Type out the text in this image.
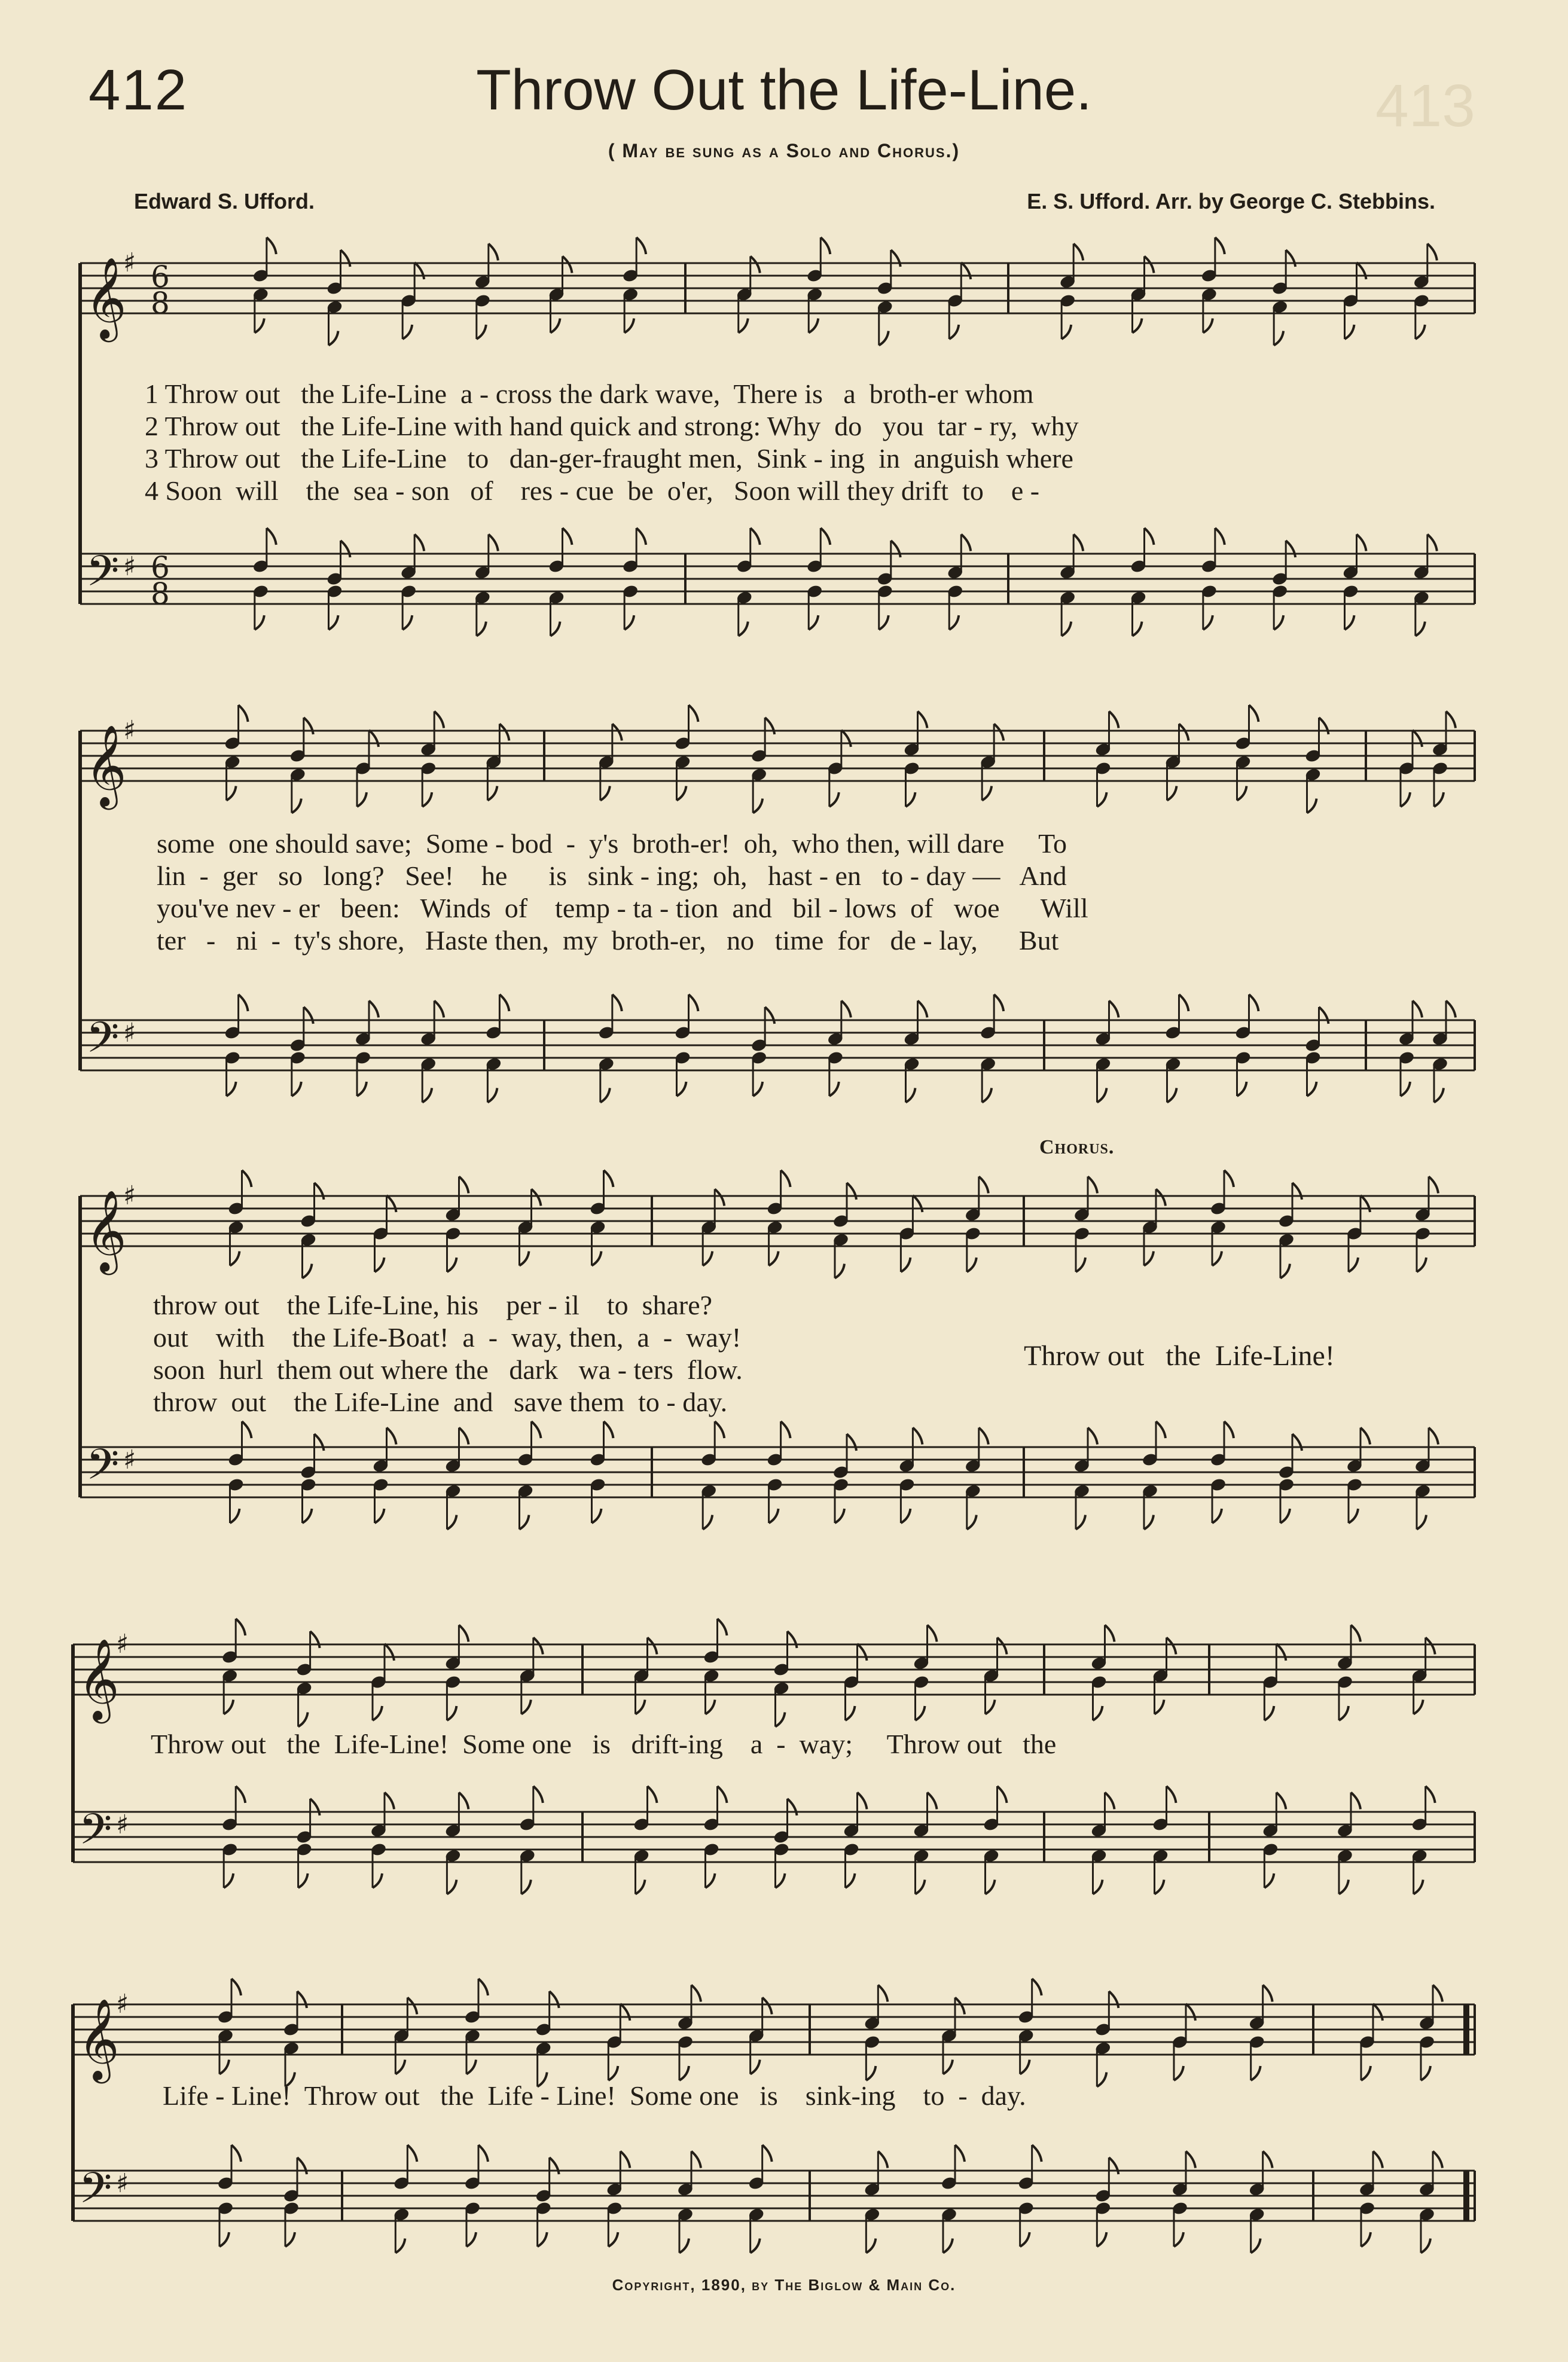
413
412	Throw Out the Life-Line.
( May be sung as a Solo and Chorus.)
Edward S. Ufford.	E. S. Ufford. Arr. by George C. Stebbins.
𝄞
𝄢
♯
♯
6
8
6
8
𝄞
𝄢
♯
♯
𝄞
𝄢
♯
♯
𝄞
𝄢
♯
♯
𝄞
𝄢
♯
♯
1 Throw out   the Life-Line  a - cross the dark wave,  There is   a  broth-er whom
2 Throw out   the Life-Line with hand quick and strong: Why  do   you  tar - ry,  why
3 Throw out   the Life-Line   to   dan-ger-fraught men,  Sink - ing  in  anguish where
4 Soon  will    the  sea - son   of    res - cue  be  o'er,   Soon will they drift  to    e -
some  one should save;  Some - bod  -  y's  broth-er!  oh,  who then, will dare     To
lin  -  ger   so   long?   See!    he      is   sink - ing;  oh,   hast - en   to - day —   And
you've nev - er   been:   Winds  of    temp - ta - tion  and   bil - lows  of   woe      Will
ter   -   ni  -  ty's shore,   Haste then,  my  broth-er,   no   time  for   de - lay,      But
Chorus.
throw out    the Life-Line, his    per - il    to  share?
out    with    the Life-Boat!  a  -  way, then,  a  -  way!
soon  hurl  them out where the   dark   wa - ters  flow.
throw  out    the Life-Line  and   save them  to - day.
Throw out   the  Life-Line!
Throw out   the  Life-Line!  Some one   is   drift-ing    a  -  way;     Throw out   the
Life - Line!  Throw out   the  Life - Line!  Some one   is    sink-ing    to  -  day.
Copyright, 1890, by The Biglow & Main Co.
